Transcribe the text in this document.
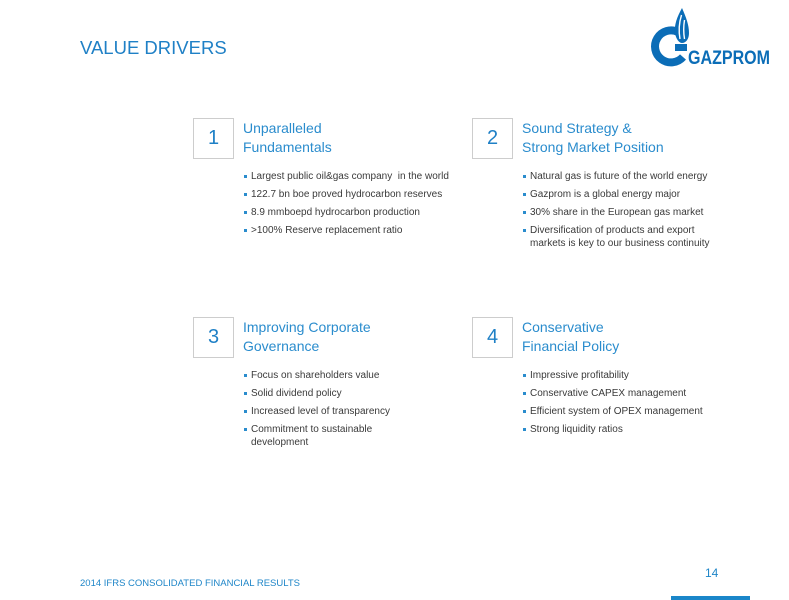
VALUE DRIVERS
GAZPROM
1	Unparalleled
Fundamentals
Largest public oil&gas company  in the world
122.7 bn boe proved hydrocarbon reserves
8.9 mmboepd hydrocarbon production
>100% Reserve replacement ratio
2	Sound Strategy &
Strong Market Position
Natural gas is future of the world energy
Gazprom is a global energy major
30% share in the European gas market
Diversification of products and export markets is key to our business continuity
3	Improving Corporate
Governance
Focus on shareholders value
Solid dividend policy
Increased level of transparency
Commitment to sustainable development
4	Conservative
Financial Policy
Impressive profitability
Conservative CAPEX management
Efficient system of OPEX management
Strong liquidity ratios
14
2014 IFRS CONSOLIDATED FINANCIAL RESULTS
